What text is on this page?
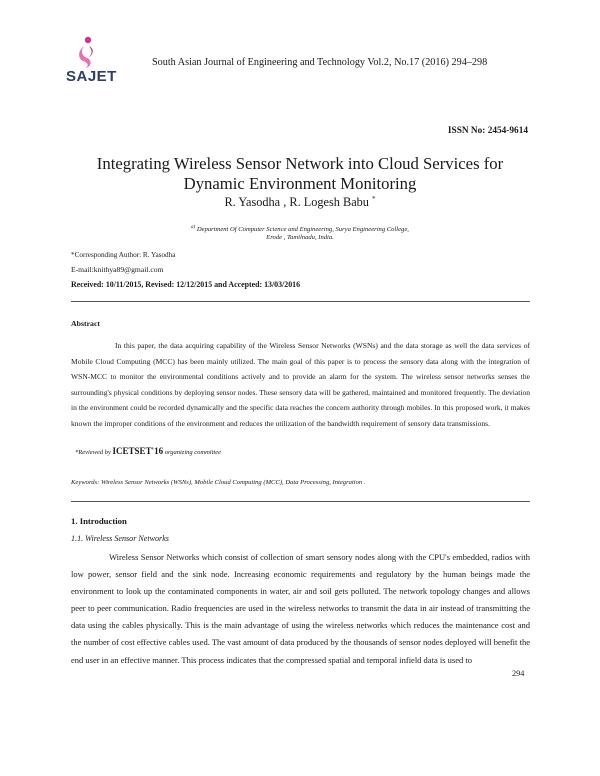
SAJET
South Asian Journal of Engineering and Technology Vol.2, No.17 (2016) 294–298
ISSN No: 2454-9614
Integrating Wireless Sensor Network into Cloud Services for
Dynamic Environment Monitoring
R. Yasodha , R. Logesh Babu *
$^{a)}$ Department Of Computer Science and Engineering, Surya Engineering College,
Erode , Tamilnadu, India.
*Corresponding Author: R. Yasodha
E-mail:knithya89@gmail.com
Received: 10/11/2015, Revised: 12/12/2015 and Accepted: 13/03/2016
Abstract
In this paper, the data acquiring capability of the Wireless Sensor Networks (WSNs) and the data storage as well the data services of Mobile Cloud Computing (MCC) has been mainly utilized. The main goal of this paper is to process the sensory data along with the integration of WSN-MCC to monitor the environmental conditions actively and to provide an alarm for the system. The wireless sensor networks senses the surrounding's physical conditions by deploying sensor nodes. These sensory data will be gathered, maintained and monitored frequently. The deviation in the environment could be recorded dynamically and the specific data reaches the concern authority through mobiles. In this proposed work, it makes known the improper conditions of the environment and reduces the utilization of the bandwidth requirement of sensory data transmissions.
*Reviewed by ICETSET'16 organizing committee
Keywords: Wireless Sensor Networks (WSNs), Mobile Cloud Computing (MCC), Data Processing, Integration .
1. Introduction
1.1. Wireless Sensor Networks
Wireless Sensor Networks which consist of collection of smart sensory nodes along with the CPU's embedded, radios with low power, sensor field and the sink node. Increasing economic requirements and regulatory by the human beings made the environment to look up the contaminated components in water, air and soil gets polluted. The network topology changes and allows peer to peer communication. Radio frequencies are used in the wireless networks to transmit the data in air instead of transmitting the data using the cables physically. This is the main advantage of using the wireless networks which reduces the maintenance cost and the number of cost effective cables used. The vast amount of data produced by the thousands of sensor nodes deployed will benefit the end user in an effective manner. This process indicates that the compressed spatial and temporal infield data is used to
294
